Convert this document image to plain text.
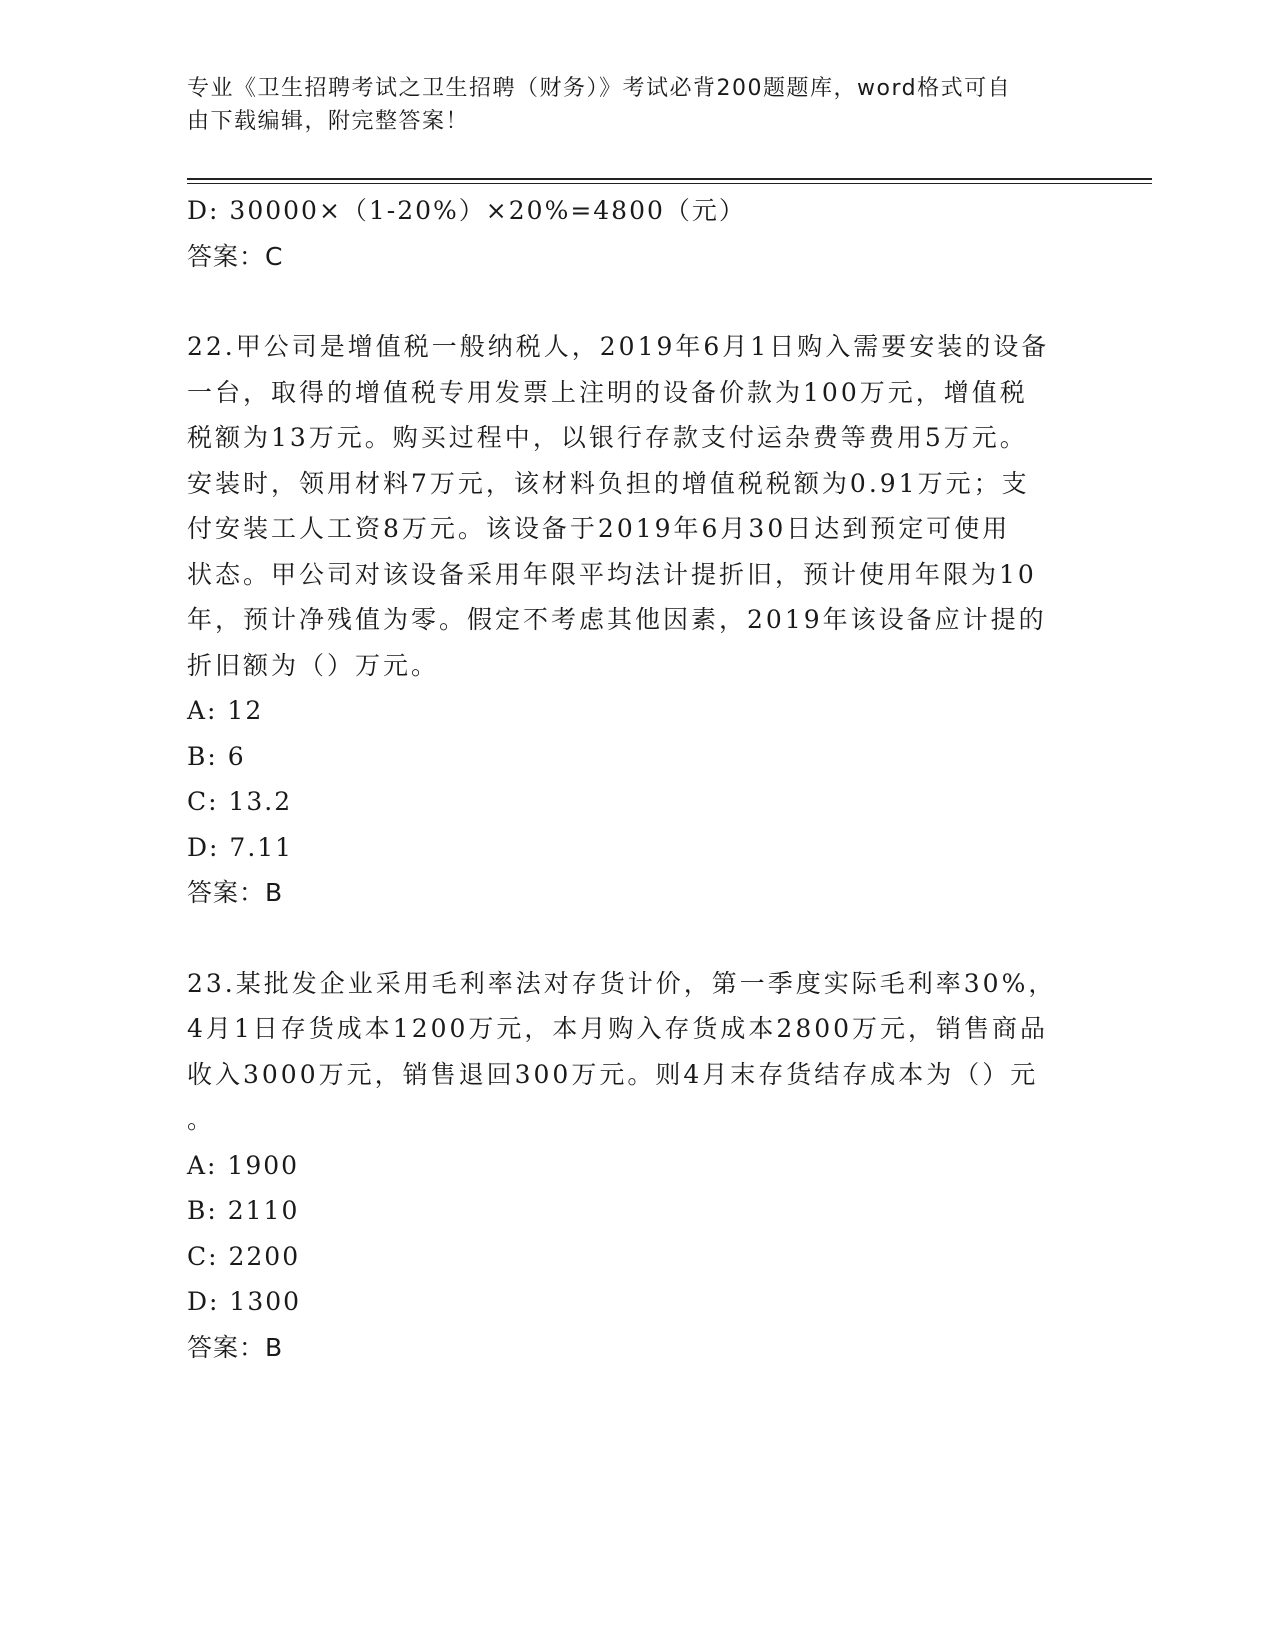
专业《卫生招聘考试之卫生招聘（财务）》考试必背200题题库，word格式可自
由下载编辑，附完整答案！
D: 30000×（1-20%）×20%=4800（元）
答案：C
22.甲公司是增值税一般纳税人，2019年6月1日购入需要安装的设备
一台，取得的增值税专用发票上注明的设备价款为100万元，增值税
税额为13万元。购买过程中，以银行存款支付运杂费等费用5万元。
安装时，领用材料7万元，该材料负担的增值税税额为0.91万元；支
付安装工人工资8万元。该设备于2019年6月30日达到预定可使用
状态。甲公司对该设备采用年限平均法计提折旧，预计使用年限为10
年，预计净残值为零。假定不考虑其他因素，2019年该设备应计提的
折旧额为（）万元。
A: 12
B: 6
C: 13.2
D: 7.11
答案：B
23.某批发企业采用毛利率法对存货计价，第一季度实际毛利率30%，
4月1日存货成本1200万元，本月购入存货成本2800万元，销售商品
收入3000万元，销售退回300万元。则4月末存货结存成本为（）元
。
A: 1900
B: 2110
C: 2200
D: 1300
答案：B
